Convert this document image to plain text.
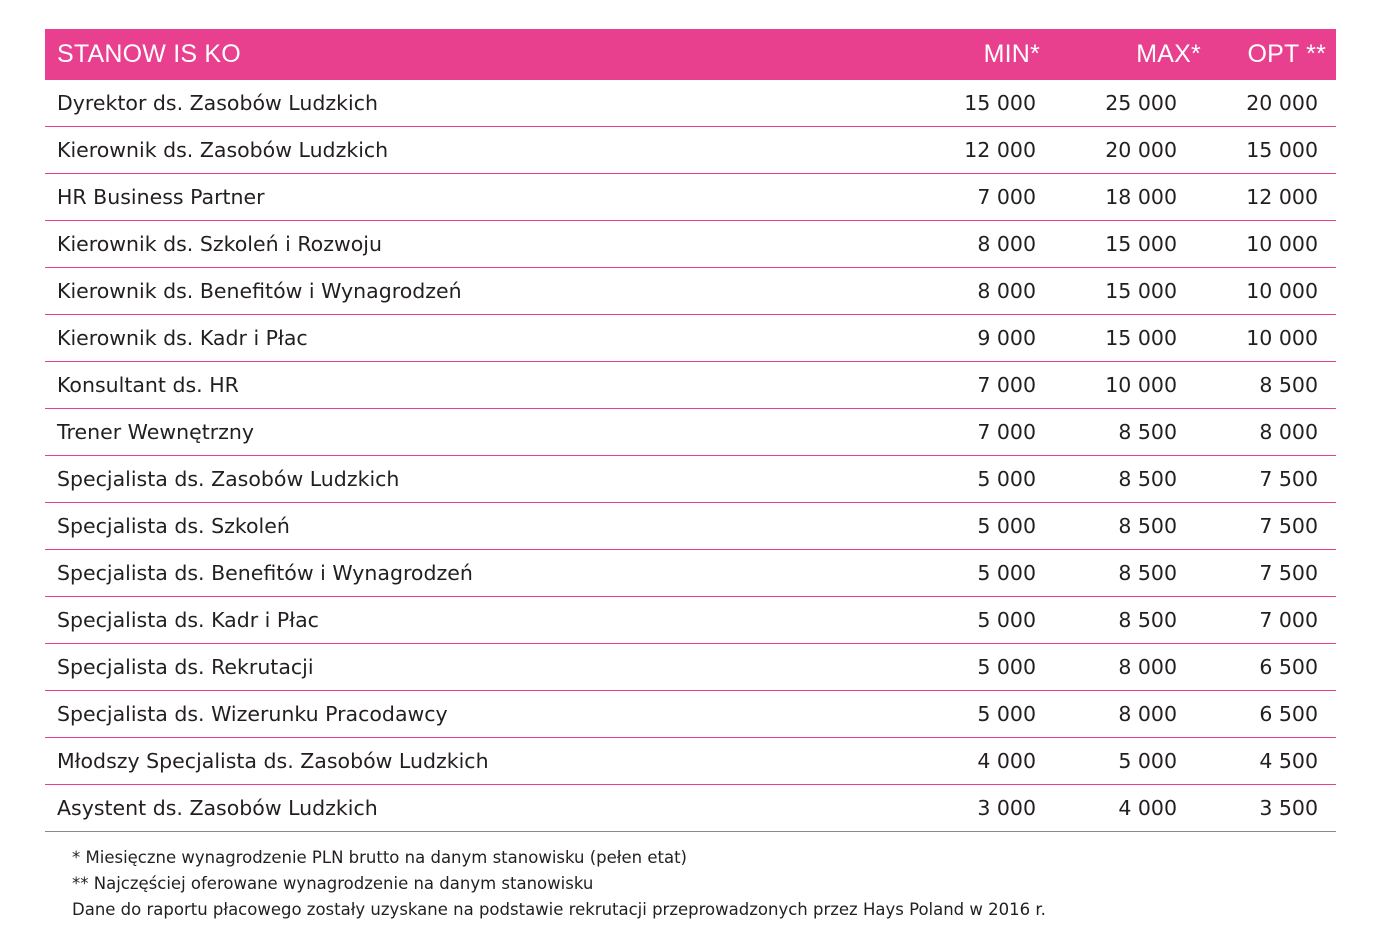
STANOW IS KO	MIN*	MAX*	OPT **
Dyrektor ds. Zasobów Ludzkich	15 000	25 000	20 000
Kierownik ds. Zasobów Ludzkich	12 000	20 000	15 000
HR Business Partner	7 000	18 000	12 000
Kierownik ds. Szkoleń i Rozwoju	8 000	15 000	10 000
Kierownik ds. Benefitów i Wynagrodzeń	8 000	15 000	10 000
Kierownik ds. Kadr i Płac	9 000	15 000	10 000
Konsultant ds. HR	7 000	10 000	8 500
Trener Wewnętrzny	7 000	8 500	8 000
Specjalista ds. Zasobów Ludzkich	5 000	8 500	7 500
Specjalista ds. Szkoleń	5 000	8 500	7 500
Specjalista ds. Benefitów i Wynagrodzeń	5 000	8 500	7 500
Specjalista ds. Kadr i Płac	5 000	8 500	7 000
Specjalista ds. Rekrutacji	5 000	8 000	6 500
Specjalista ds. Wizerunku Pracodawcy	5 000	8 000	6 500
Młodszy Specjalista ds. Zasobów Ludzkich	4 000	5 000	4 500
Asystent ds. Zasobów Ludzkich	3 000	4 000	3 500
* Miesięczne wynagrodzenie PLN brutto na danym stanowisku (pełen etat)
** Najczęściej oferowane wynagrodzenie na danym stanowisku
Dane do raportu płacowego zostały uzyskane na podstawie rekrutacji przeprowadzonych przez Hays Poland w 2016 r.
